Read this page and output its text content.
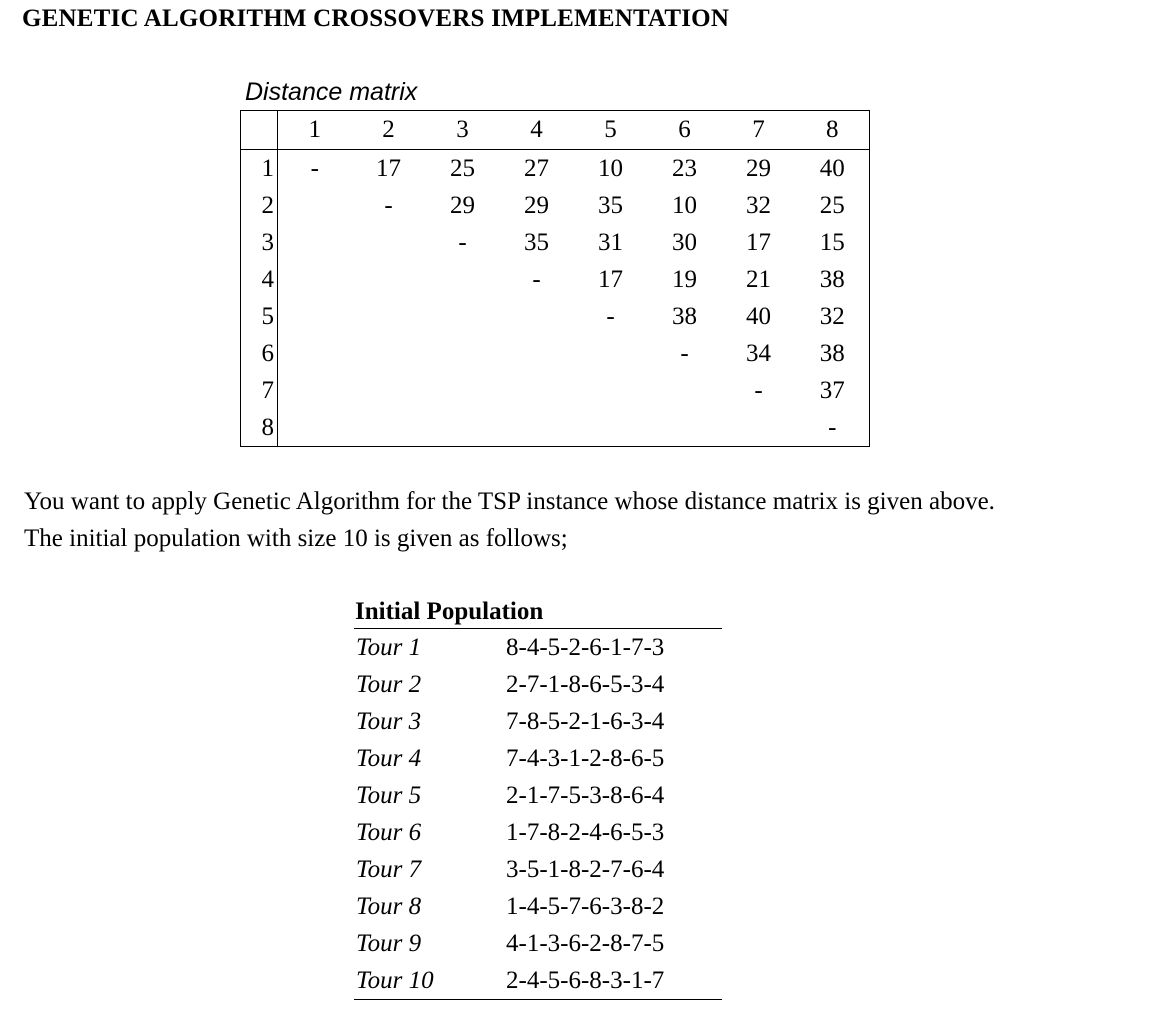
GENETIC ALGORITHM CROSSOVERS IMPLEMENTATION
Distance matrix
	1	2	3	4	5	6	7	8
1	-	17	25	27	10	23	29	40
2		-	29	29	35	10	32	25
3			-	35	31	30	17	15
4				-	17	19	21	38
5					-	38	40	32
6						-	34	38
7							-	37
8								-

You want to apply Genetic Algorithm for the TSP instance whose distance matrix is given above.
The initial population with size 10 is given as follows;

Initial Population	
Tour 1	8-4-5-2-6-1-7-3
Tour 2	2-7-1-8-6-5-3-4
Tour 3	7-8-5-2-1-6-3-4
Tour 4	7-4-3-1-2-8-6-5
Tour 5	2-1-7-5-3-8-6-4
Tour 6	1-7-8-2-4-6-5-3
Tour 7	3-5-1-8-2-7-6-4
Tour 8	1-4-5-7-6-3-8-2
Tour 9	4-1-3-6-2-8-7-5
Tour 10	2-4-5-6-8-3-1-7
